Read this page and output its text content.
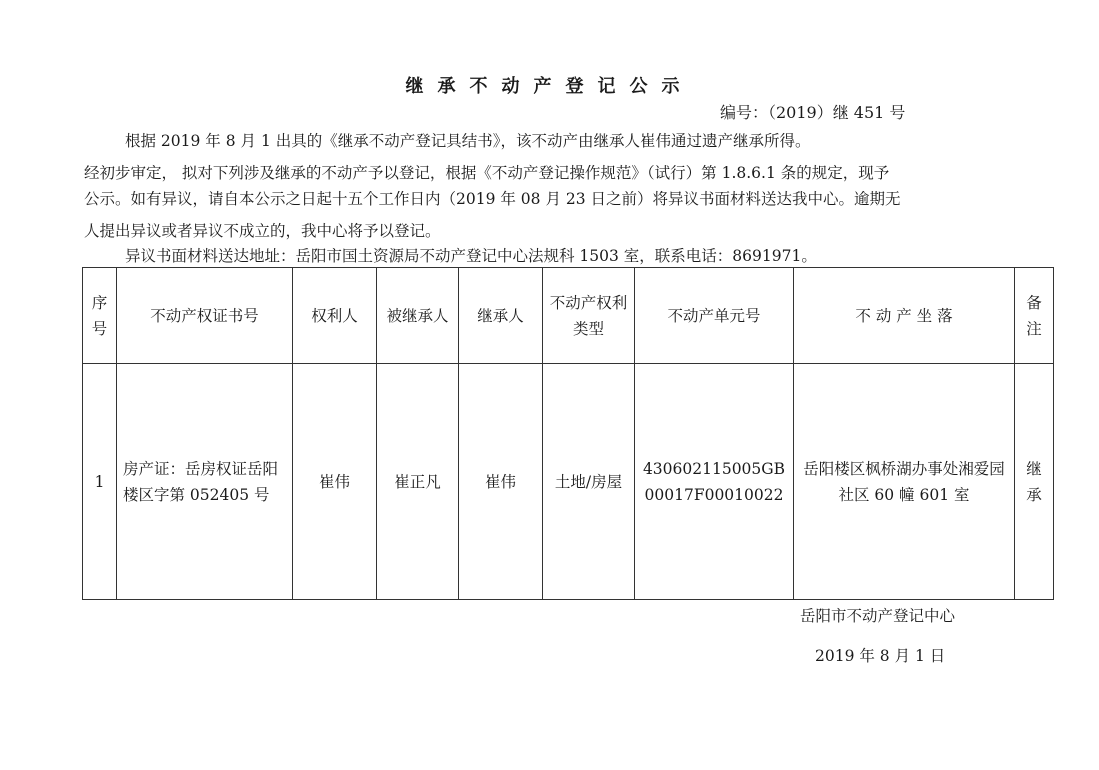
继承不动产登记公示
编号：（2019）继 451 号
根据 2019 年 8 月 1 出具的《继承不动产登记具结书》，该不动产由继承人崔伟通过遗产继承所得。
经初步审定， 拟对下列涉及继承的不动产予以登记，根据《不动产登记操作规范》（试行）第 1.8.6.1 条的规定，现予
公示。如有异议，请自本公示之日起十五个工作日内（2019 年 08 月 23 日之前）将异议书面材料送达我中心。逾期无
人提出异议或者异议不成立的，我中心将予以登记。
异议书面材料送达地址：岳阳市国土资源局不动产登记中心法规科 1503 室，联系电话：8691971。
序号	不动产权证书号	权利人	被继承人	继承人	不动产权利类型	不动产单元号	不 动 产 坐 落	备注
1	房产证：岳房权证岳阳楼区字第 052405 号	崔伟	崔正凡	崔伟	土地/房屋	430602115005GB00017F00010022	岳阳楼区枫桥湖办事处湘爱园社区 60 幢 601 室	继承
岳阳市不动产登记中心
2019 年 8 月 1 日
